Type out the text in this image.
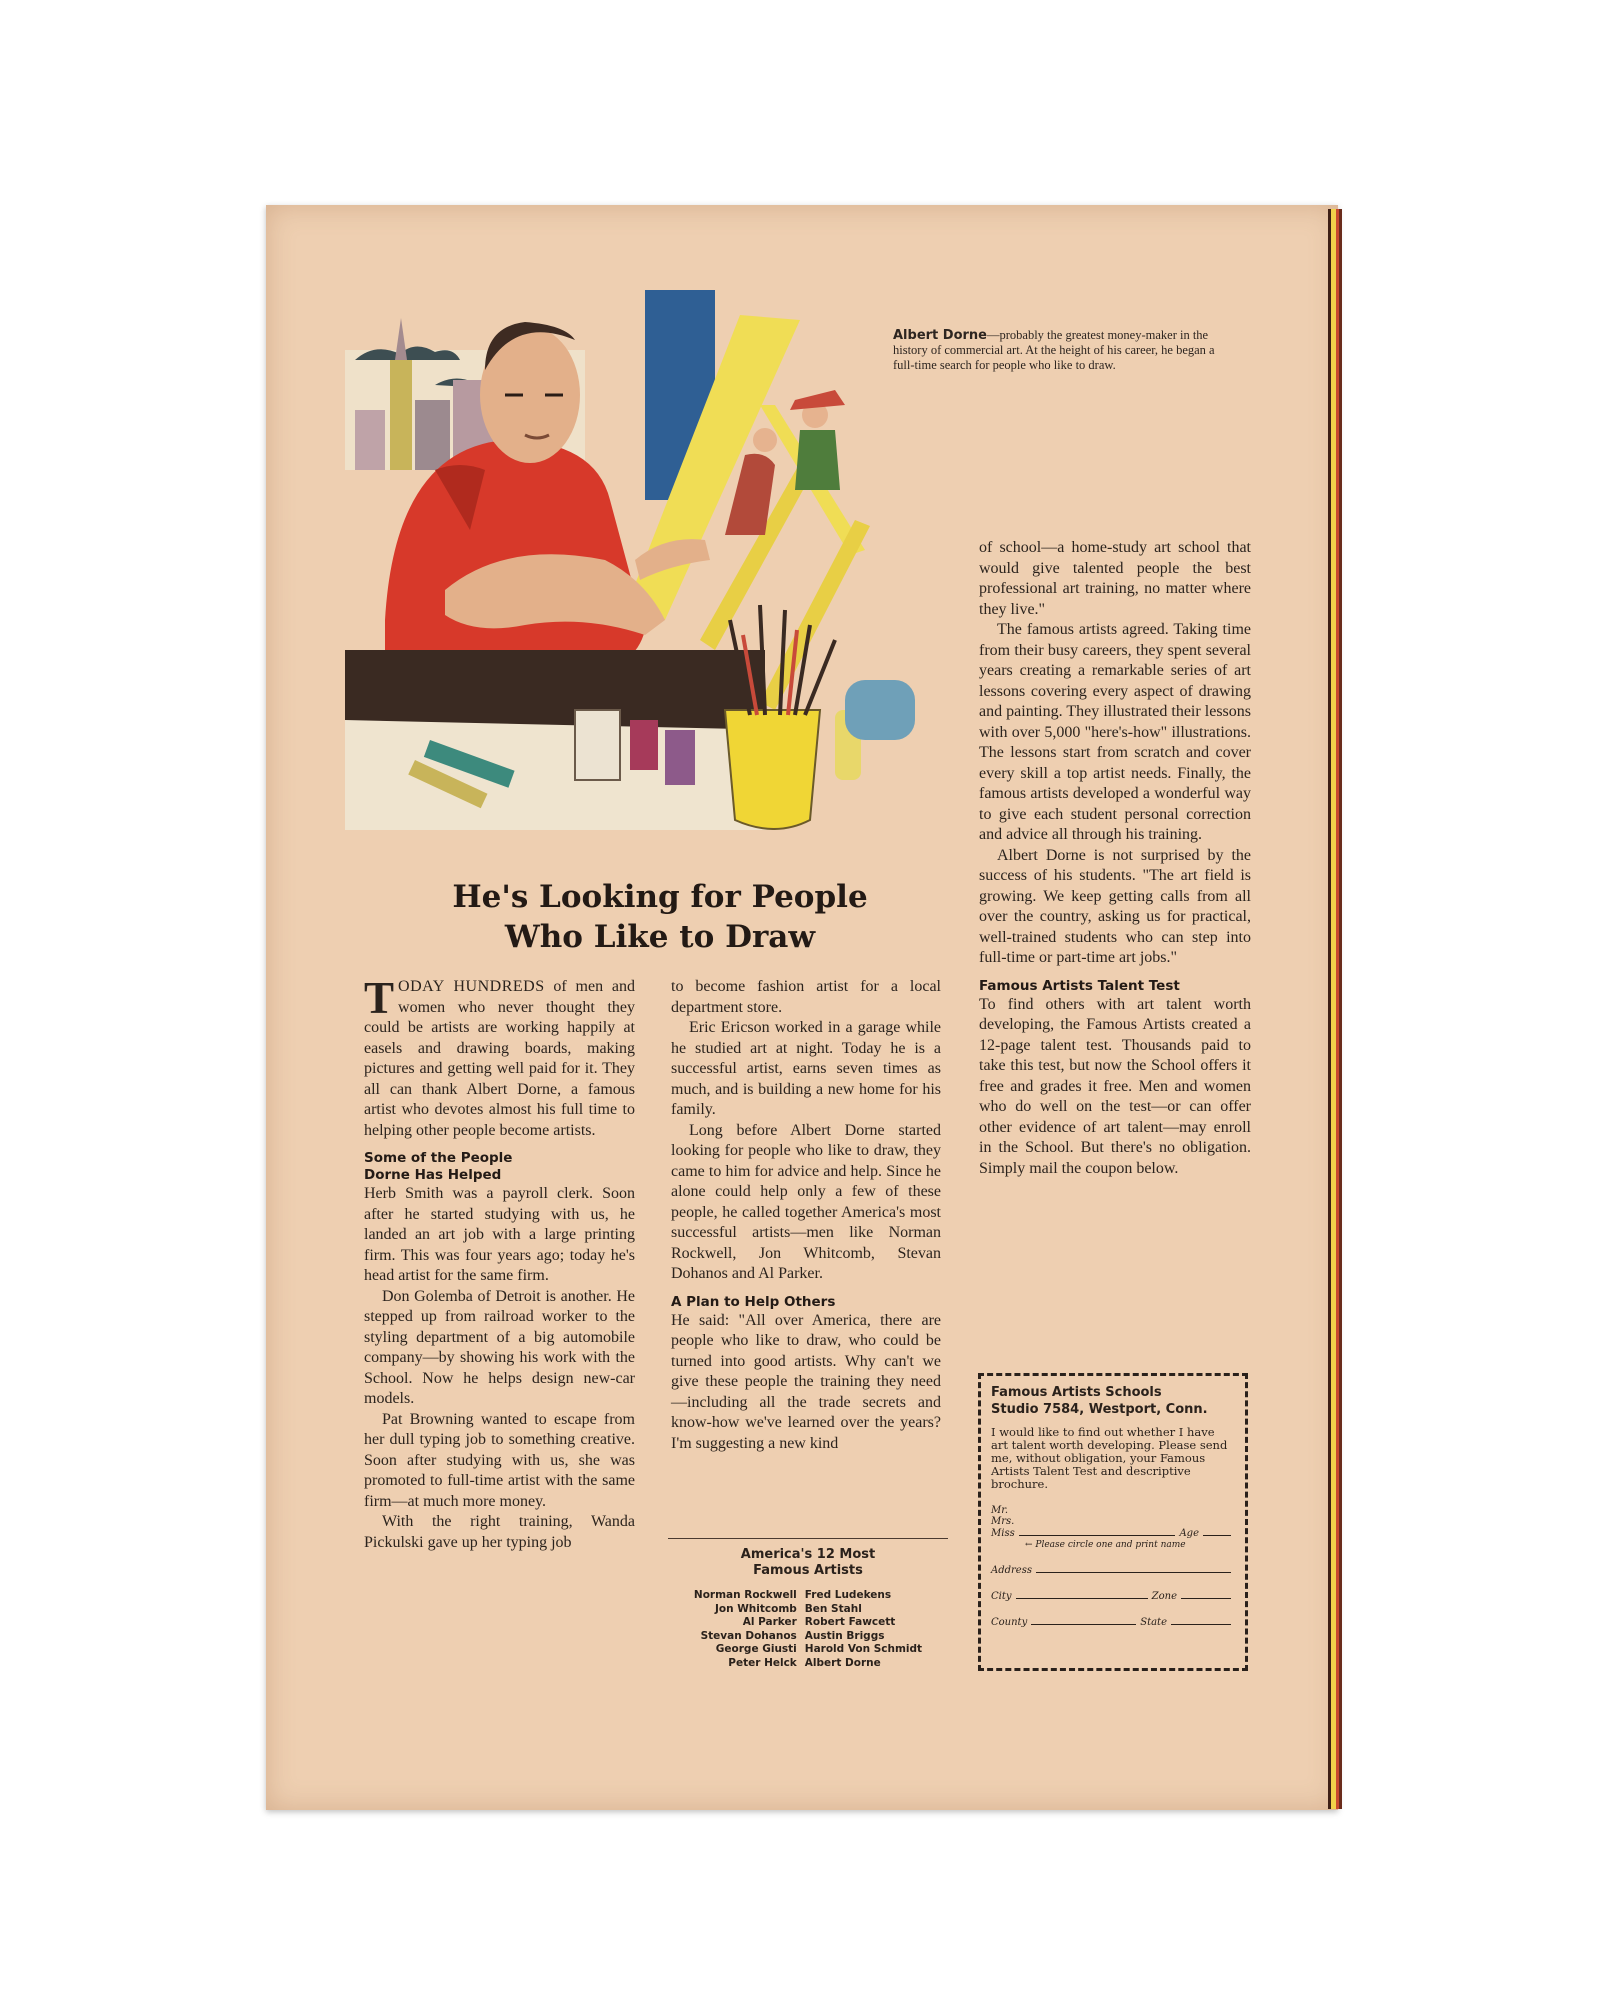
Albert Dorne—probably the greatest money-maker in the history of commercial art. At the height of his career, he began a full-time search for people who like to draw.
He's Looking for People
Who Like to Draw

TODAY HUNDREDS of men and women who never thought they could be artists are working happily at easels and drawing boards, making pictures and getting well paid for it. They all can thank Albert Dorne, a famous artist who devotes almost his full time to helping other people become artists.

Some of the People
Dorne Has Helped

Herb Smith was a payroll clerk. Soon after he started studying with us, he landed an art job with a large printing firm. This was four years ago; today he's head artist for the same firm.

Don Golemba of Detroit is another. He stepped up from railroad worker to the styling department of a big automobile company—by showing his work with the School. Now he helps design new-car models.

Pat Browning wanted to escape from her dull typing job to something creative. Soon after studying with us, she was promoted to full-time artist with the same firm—at much more money.

With the right training, Wanda Pickulski gave up her typing job

to become fashion artist for a local department store.

Eric Ericson worked in a garage while he studied art at night. Today he is a successful artist, earns seven times as much, and is building a new home for his family.

Long before Albert Dorne started looking for people who like to draw, they came to him for advice and help. Since he alone could help only a few of these people, he called together America's most successful artists—men like Norman Rockwell, Jon Whitcomb, Stevan Dohanos and Al Parker.

A Plan to Help Others

He said: "All over America, there are people who like to draw, who could be turned into good artists. Why can't we give these people the training they need—including all the trade secrets and know-how we've learned over the years? I'm suggesting a new kind

America's 12 Most
Famous Artists
Norman Rockwell	Fred Ludekens
Jon Whitcomb	Ben Stahl
Al Parker	Robert Fawcett
Stevan Dohanos	Austin Briggs
George Giusti	Harold Von Schmidt
Peter Helck	Albert Dorne

of school—a home-study art school that would give talented people the best professional art training, no matter where they live."

The famous artists agreed. Taking time from their busy careers, they spent several years creating a remarkable series of art lessons covering every aspect of drawing and painting. They illustrated their lessons with over 5,000 "here's-how" illustrations. The lessons start from scratch and cover every skill a top artist needs. Finally, the famous artists developed a wonderful way to give each student personal correction and advice all through his training.

Albert Dorne is not surprised by the success of his students. "The art field is growing. We keep getting calls from all over the country, asking us for practical, well-trained students who can step into full-time or part-time art jobs."

Famous Artists Talent Test

To find others with art talent worth developing, the Famous Artists created a 12-page talent test. Thousands paid to take this test, but now the School offers it free and grades it free. Men and women who do well on the test—or can offer other evidence of art talent—may enroll in the School. But there's no obligation. Simply mail the coupon below.

Famous Artists Schools
Studio 7584, Westport, Conn.
I would like to find out whether I have art talent worth developing. Please send me, without obligation, your Famous Artists Talent Test and descriptive brochure.
Mr.
Mrs.
Miss	Age
← Please circle one and print name
Address
City	Zone
County	State
